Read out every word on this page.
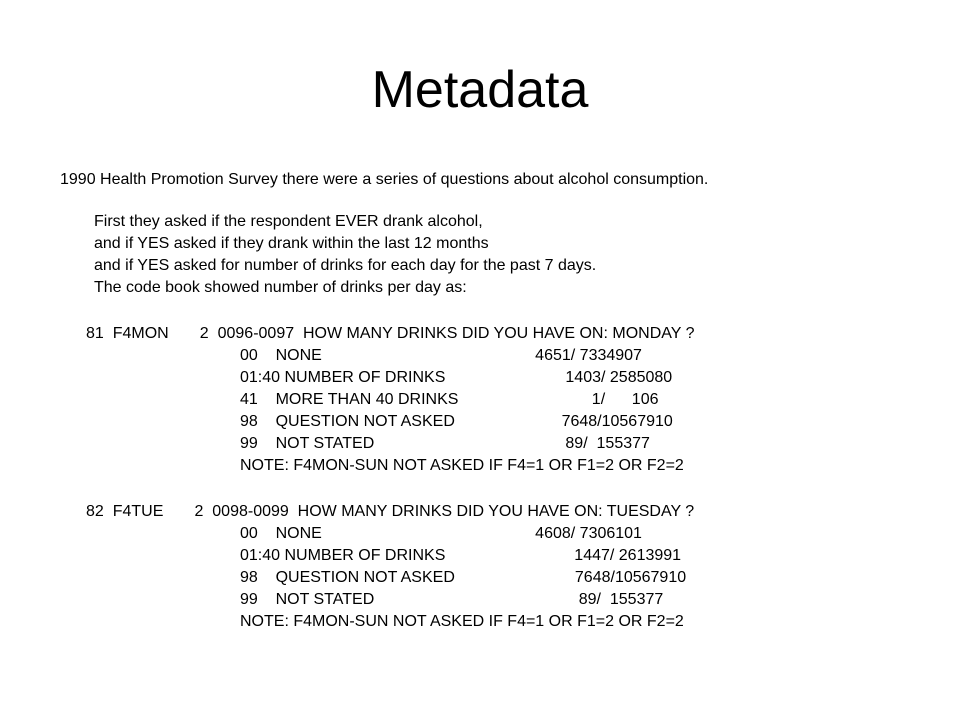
Metadata
1990 Health Promotion Survey there were a series of questions about alcohol consumption.
First they asked if the respondent EVER drank alcohol,
and if YES asked if they drank within the last 12 months
and if YES asked for number of drinks for each day for the past 7 days.
The code book showed number of drinks per day as:
81  F4MON       2  0096-0097  HOW MANY DRINKS DID YOU HAVE ON: MONDAY ?
00    NONE                                                4651/ 7334907
01:40 NUMBER OF DRINKS                           1403/ 2585080
41    MORE THAN 40 DRINKS                              1/      106
98    QUESTION NOT ASKED                        7648/10567910
99    NOT STATED                                           89/  155377
NOTE: F4MON-SUN NOT ASKED IF F4=1 OR F1=2 OR F2=2
82  F4TUE       2  0098-0099  HOW MANY DRINKS DID YOU HAVE ON: TUESDAY ?
00    NONE                                                4608/ 7306101
01:40 NUMBER OF DRINKS                             1447/ 2613991
98    QUESTION NOT ASKED                           7648/10567910
99    NOT STATED                                              89/  155377
NOTE: F4MON-SUN NOT ASKED IF F4=1 OR F1=2 OR F2=2
